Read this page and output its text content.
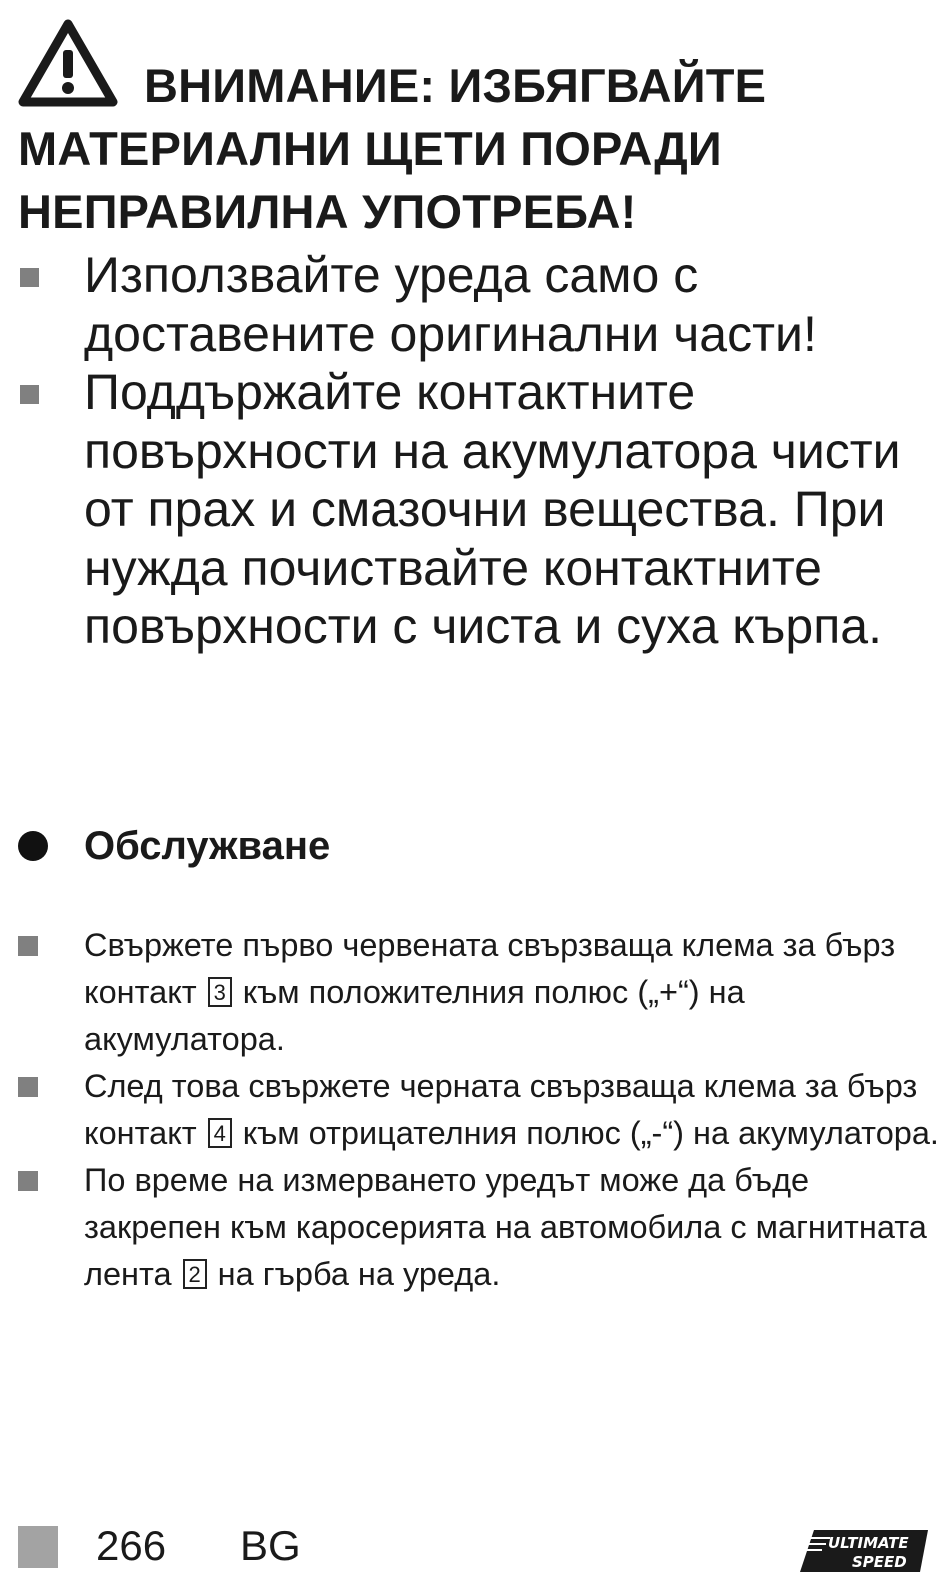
ВНИМАНИЕ: ИЗБЯГВАЙТЕ МАТЕРИАЛНИ ЩЕТИ ПОРАДИ НЕПРАВИЛНА УПОТРЕБА!
Използвайте уреда само с доставените оригинални части!
Поддържайте контактните повърхности на акумулатора чисти от прах и смазочни вещества. При нужда почиствайте контактните повърхности с чиста и суха кърпа.
Обслужване
Свържете първо червената свързваща клема за бърз контакт 3 към положителния полюс („+“) на акумулатора.
След това свържете черната свързваща клема за бърз контакт 4 към отрицателния полюс („-“) на акумулатора.
По време на измерването уредът може да бъде закрепен към каросерията на автомобила с магнитната лента 2 на гърба на уреда.
266 BG	ULTIMATE
SPEED
